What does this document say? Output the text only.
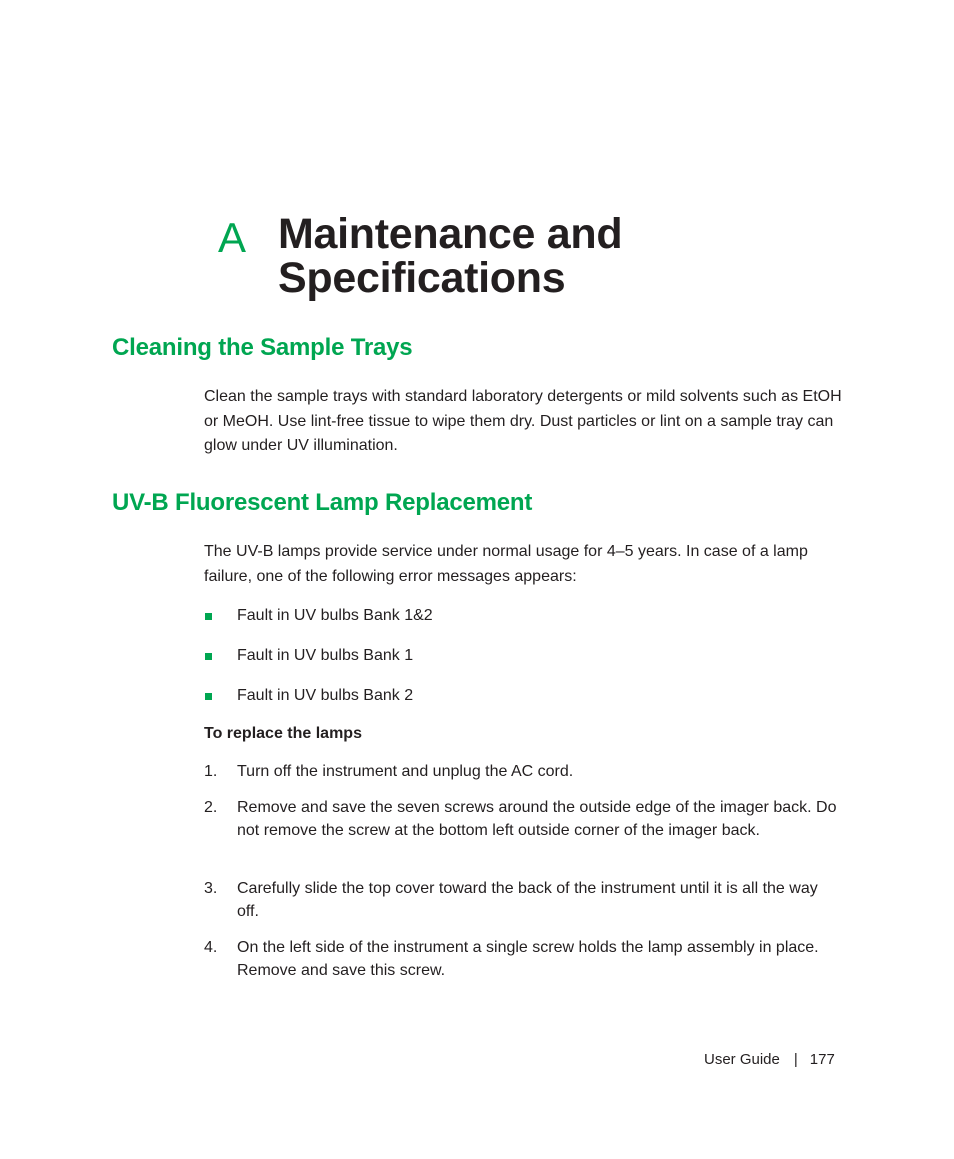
A Maintenance and
Specifications
Cleaning the Sample Trays

Clean the sample trays with standard laboratory detergents or mild solvents such as EtOH or MeOH. Use lint-free tissue to wipe them dry. Dust particles or lint on a sample tray can glow under UV illumination.

UV-B Fluorescent Lamp Replacement

The UV-B lamps provide service under normal usage for 4–5 years. In case of a lamp failure, one of the following error messages appears:

Fault in UV bulbs Bank 1&2
Fault in UV bulbs Bank 1
Fault in UV bulbs Bank 2

To replace the lamps

1. Turn off the instrument and unplug the AC cord.
2. Remove and save the seven screws around the outside edge of the imager back. Do not remove the screw at the bottom left outside corner of the imager back.
3. Carefully slide the top cover toward the back of the instrument until it is all the way off.
4. On the left side of the instrument a single screw holds the lamp assembly in place. Remove and save this screw.
User Guide | 177
